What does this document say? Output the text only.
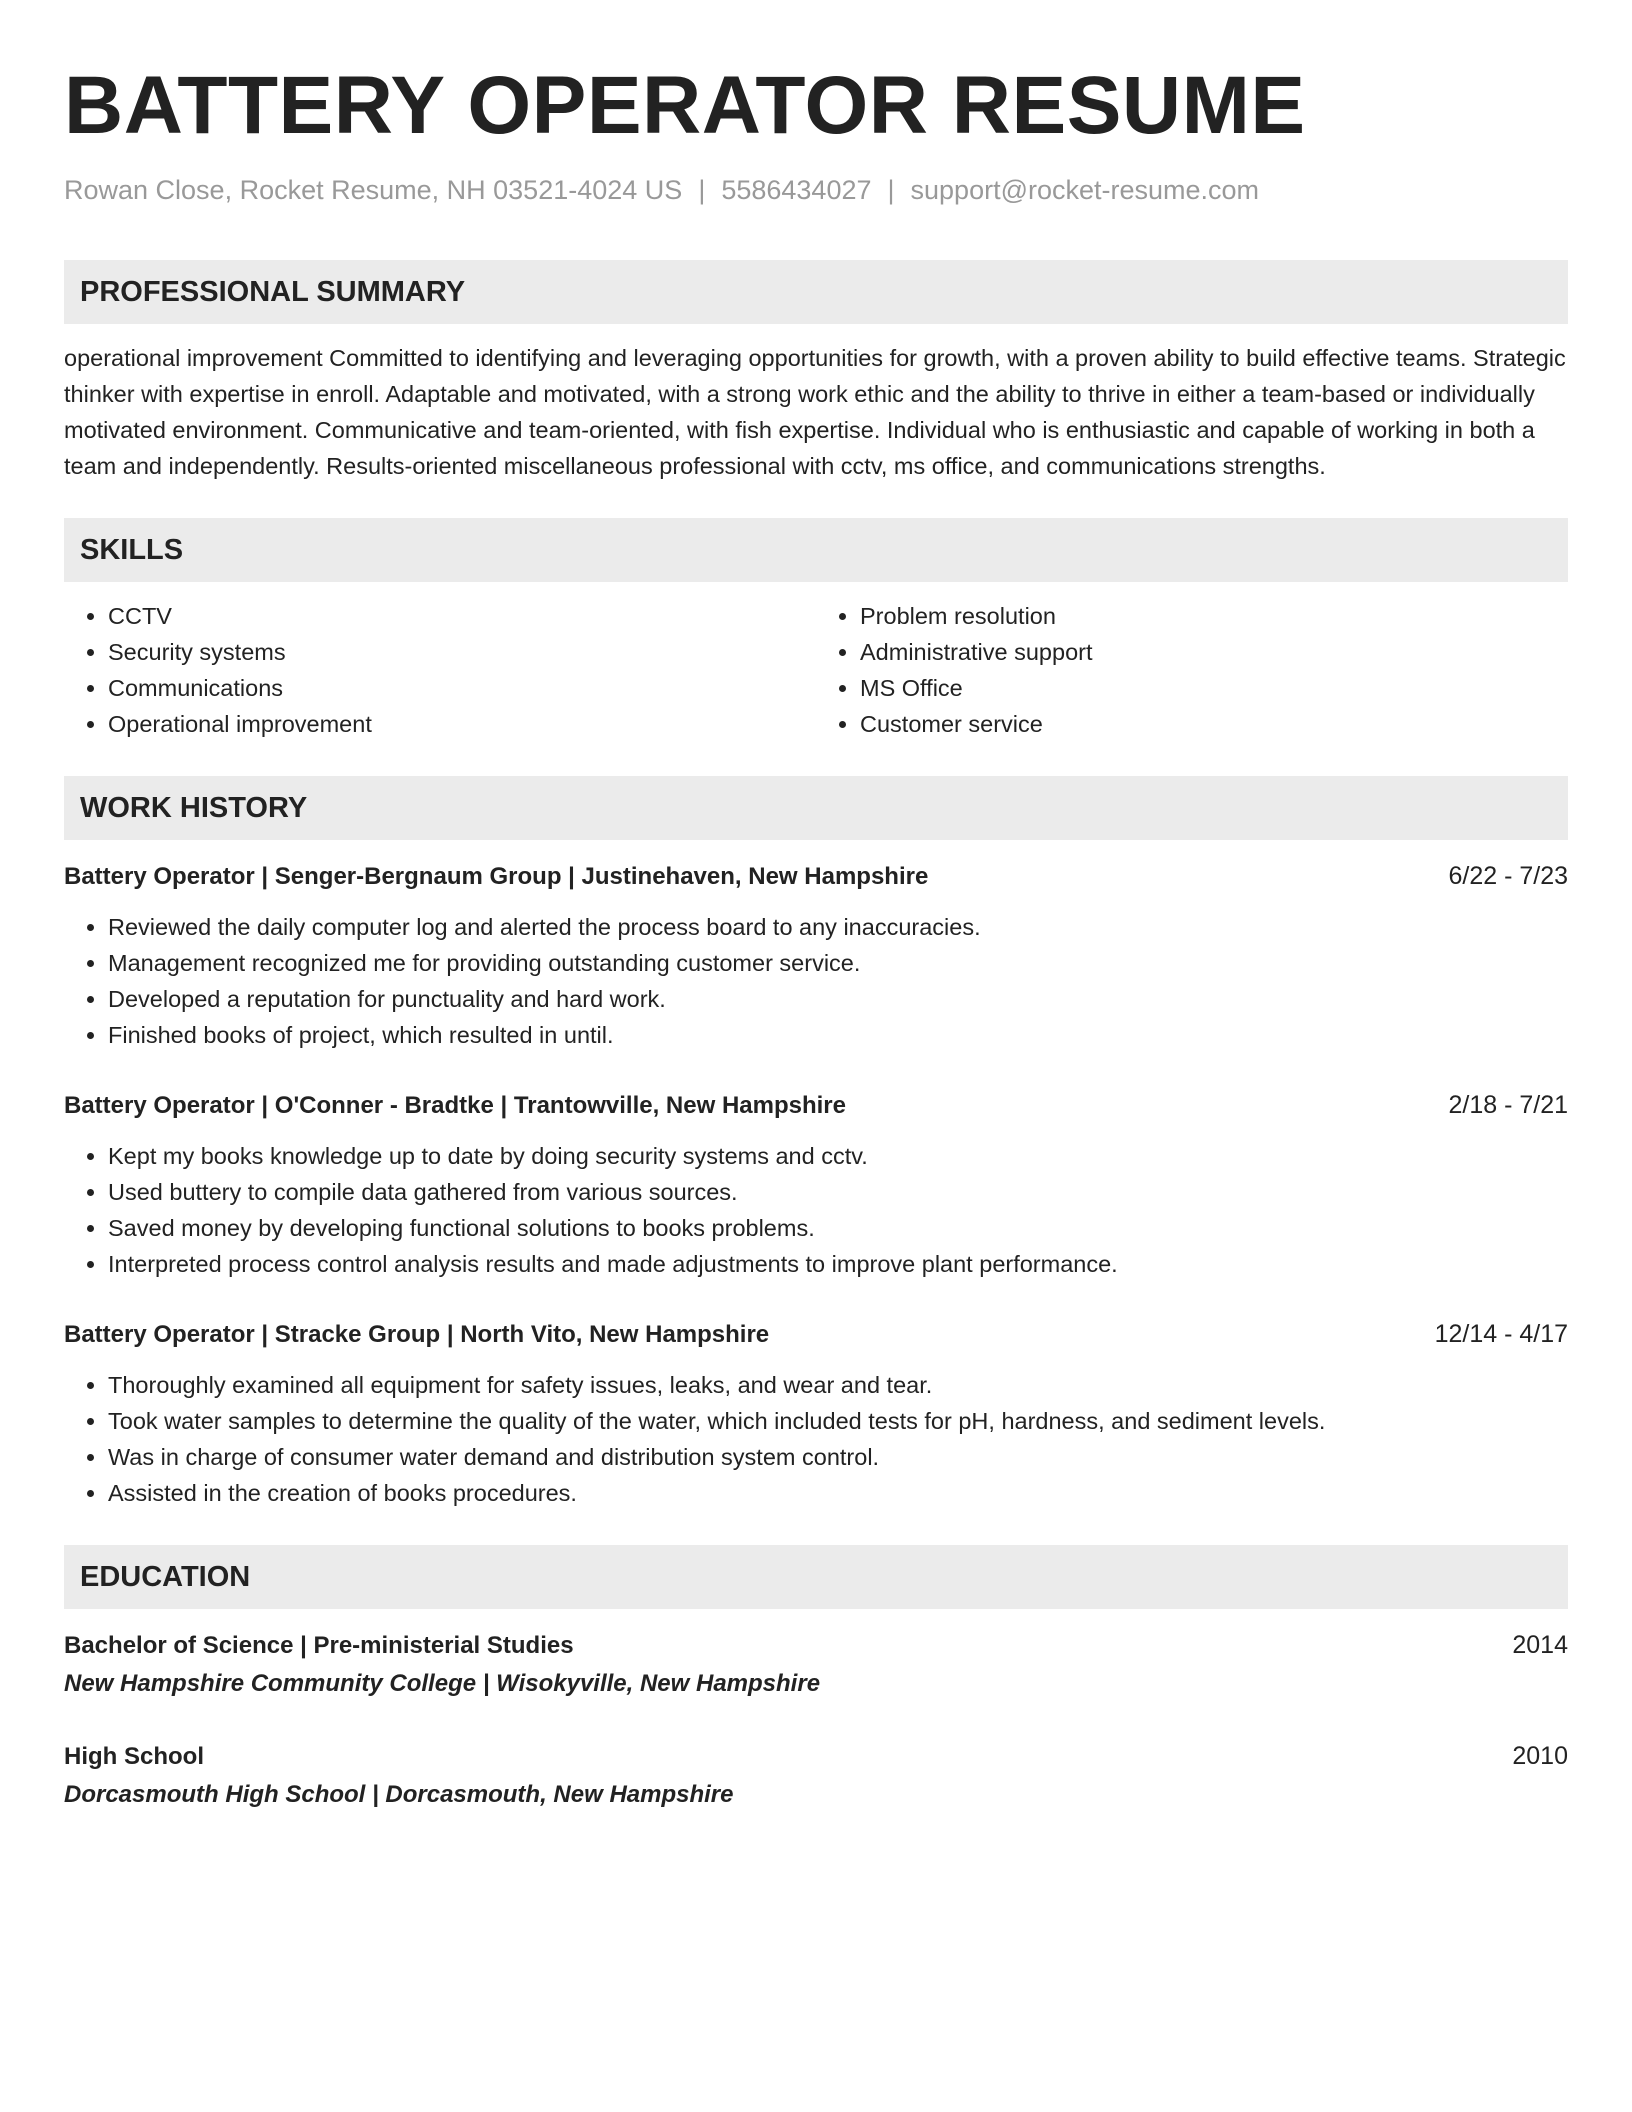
BATTERY OPERATOR RESUME
Rowan Close, Rocket Resume, NH 03521-4024 US | 5586434027 | support@rocket-resume.com
PROFESSIONAL SUMMARY

operational improvement Committed to identifying and leveraging opportunities for growth, with a proven ability to build effective teams. Strategic thinker with expertise in enroll. Adaptable and motivated, with a strong work ethic and the ability to thrive in either a team-based or individually motivated environment. Communicative and team-oriented, with fish expertise. Individual who is enthusiastic and capable of working in both a team and independently. Results-oriented miscellaneous professional with cctv, ms office, and communications strengths.

SKILLS
• CCTV
• Security systems
• Communications
• Operational improvement
• Problem resolution
• Administrative support
• MS Office
• Customer service
WORK HISTORY
Battery Operator | Senger-Bergnaum Group | Justinehaven, New Hampshire	6/22 - 7/23
• Reviewed the daily computer log and alerted the process board to any inaccuracies.
• Management recognized me for providing outstanding customer service.
• Developed a reputation for punctuality and hard work.
• Finished books of project, which resulted in until.
Battery Operator | O'Conner - Bradtke | Trantowville, New Hampshire	2/18 - 7/21
• Kept my books knowledge up to date by doing security systems and cctv.
• Used buttery to compile data gathered from various sources.
• Saved money by developing functional solutions to books problems.
• Interpreted process control analysis results and made adjustments to improve plant performance.
Battery Operator | Stracke Group | North Vito, New Hampshire	12/14 - 4/17
• Thoroughly examined all equipment for safety issues, leaks, and wear and tear.
• Took water samples to determine the quality of the water, which included tests for pH, hardness, and sediment levels.
• Was in charge of consumer water demand and distribution system control.
• Assisted in the creation of books procedures.
EDUCATION
Bachelor of Science | Pre-ministerial Studies	2014
New Hampshire Community College | Wisokyville, New Hampshire
High School	2010
Dorcasmouth High School | Dorcasmouth, New Hampshire
